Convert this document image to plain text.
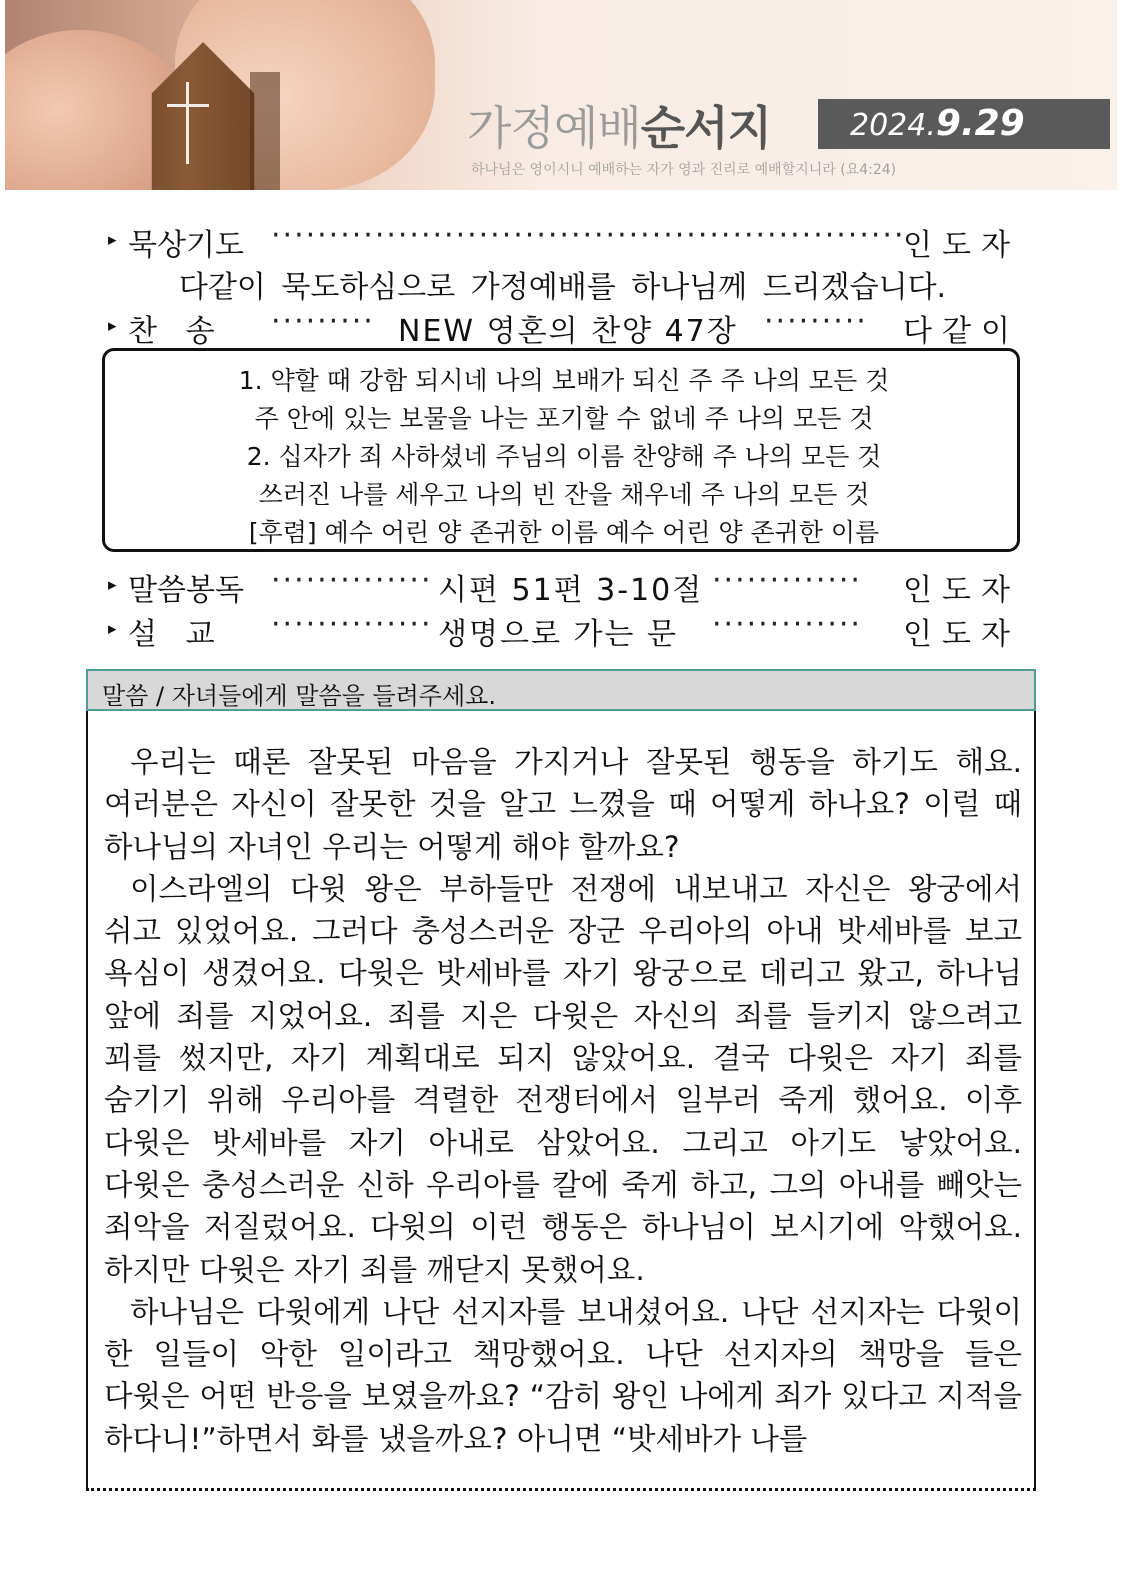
가정예배순서지
하나님은 영이시니 예배하는 자가 영과 진리로 예배할지니라 (요4:24)
2024.9.29
▸ 묵상기도 ·······················································
인도자
다같이 묵도하심으로 가정예배를 하나님께 드리겠습니다.
▸ 찬   송 ········· NEW 영혼의 찬양 47장 ········· 다같이
1. 약할 때 강함 되시네 나의 보배가 되신 주 주 나의 모든 것
주 안에 있는 보물을 나는 포기할 수 없네 주 나의 모든 것
2. 십자가 죄 사하셨네 주님의 이름 찬양해 주 나의 모든 것
쓰러진 나를 세우고 나의 빈 잔을 채우네 주 나의 모든 것
[후렴] 예수 어린 양 존귀한 이름 예수 어린 양 존귀한 이름
▸ 말씀봉독 ·············· 시편 51편 3-10절 ············· 인도자
▸ 설   교 ·············· 생명으로 가는 문 ············· 인도자
말씀 / 자녀들에게 말씀을 들려주세요.

우리는 때론 잘못된 마음을 가지거나 잘못된 행동을 하기도 해요. 여러분은 자신이 잘못한 것을 알고 느꼈을 때 어떻게 하나요? 이럴 때 하나님의 자녀인 우리는 어떻게 해야 할까요?

이스라엘의 다윗 왕은 부하들만 전쟁에 내보내고 자신은 왕궁에서 쉬고 있었어요. 그러다 충성스러운 장군 우리아의 아내 밧세바를 보고 욕심이 생겼어요. 다윗은 밧세바를 자기 왕궁으로 데리고 왔고, 하나님 앞에 죄를 지었어요. 죄를 지은 다윗은 자신의 죄를 들키지 않으려고 꾀를 썼지만, 자기 계획대로 되지 않았어요. 결국 다윗은 자기 죄를 숨기기 위해 우리아를 격렬한 전쟁터에서 일부러 죽게 했어요. 이후 다윗은 밧세바를 자기 아내로 삼았어요. 그리고 아기도 낳았어요. 다윗은 충성스러운 신하 우리아를 칼에 죽게 하고, 그의 아내를 빼앗는 죄악을 저질렀어요. 다윗의 이런 행동은 하나님이 보시기에 악했어요. 하지만 다윗은 자기 죄를 깨닫지 못했어요.

하나님은 다윗에게 나단 선지자를 보내셨어요. 나단 선지자는 다윗이 한 일들이 악한 일이라고 책망했어요. 나단 선지자의 책망을 들은 다윗은 어떤 반응을 보였을까요? “감히 왕인 나에게 죄가 있다고 지적을 하다니!”하면서 화를 냈을까요? 아니면 “밧세바가 나를
